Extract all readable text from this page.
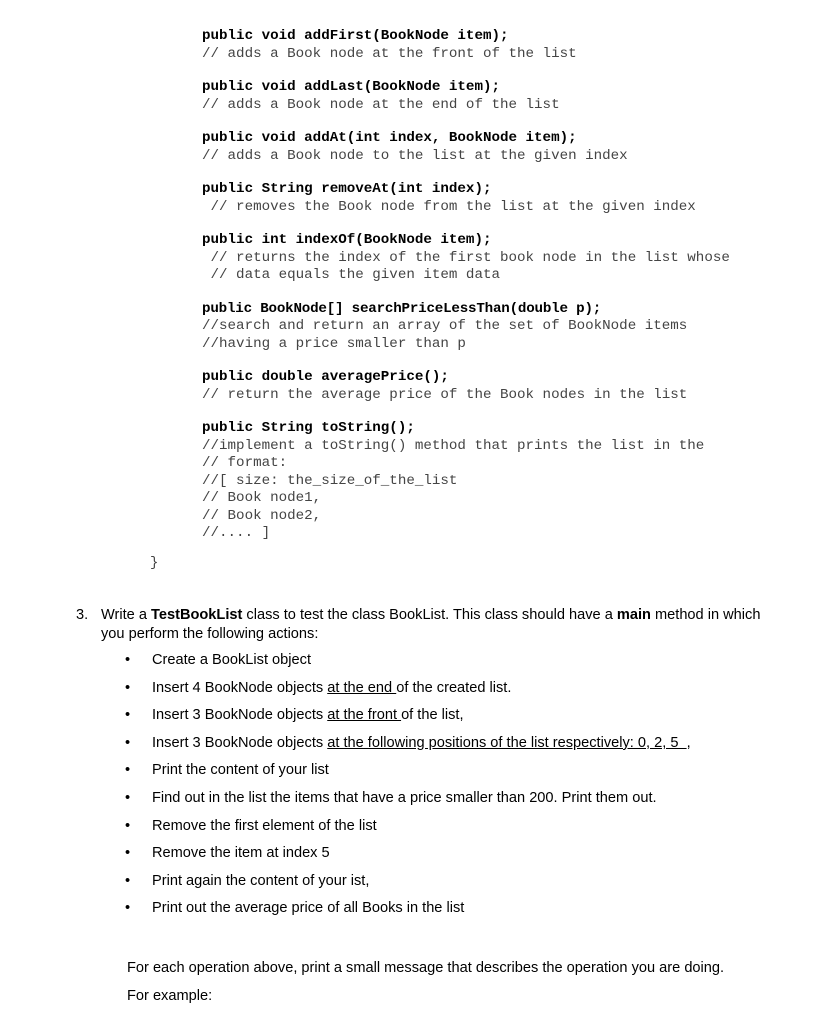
public void addFirst(BookNode item);
// adds a Book node at the front of the list
public void addLast(BookNode item);
// adds a Book node at the end of the list
public void addAt(int index, BookNode item);
// adds a Book node to the list at the given index
public String removeAt(int index);
// removes the Book node from the list at the given index
public int indexOf(BookNode item);
// returns the index of the first book node in the list whose
// data equals the given item data
public BookNode[] searchPriceLessThan(double p);
//search and return an array of the set of BookNode items
//having a price smaller than p
public double averagePrice();
// return the average price of the Book nodes in the list
public String toString();
//implement a toString() method that prints the list in the
// format:
//[ size: the_size_of_the_list
// Book node1,
// Book node2,
//.... ]
}
3. Write a TestBookList class to test the class BookList. This class should have a main method in which you perform the following actions:
• Create a BookList object
• Insert 4 BookNode objects at the end of the created list.
• Insert 3 BookNode objects at the front of the list,
• Insert 3 BookNode objects at the following positions of the list respectively: 0, 2, 5  ,
• Print the content of your list
• Find out in the list the items that have a price smaller than 200. Print them out.
• Remove the first element of the list
• Remove the item at index 5
• Print again the content of your ist,
• Print out the average price of all Books in the list
For each operation above, print a small message that describes the operation you are doing.
For example:
